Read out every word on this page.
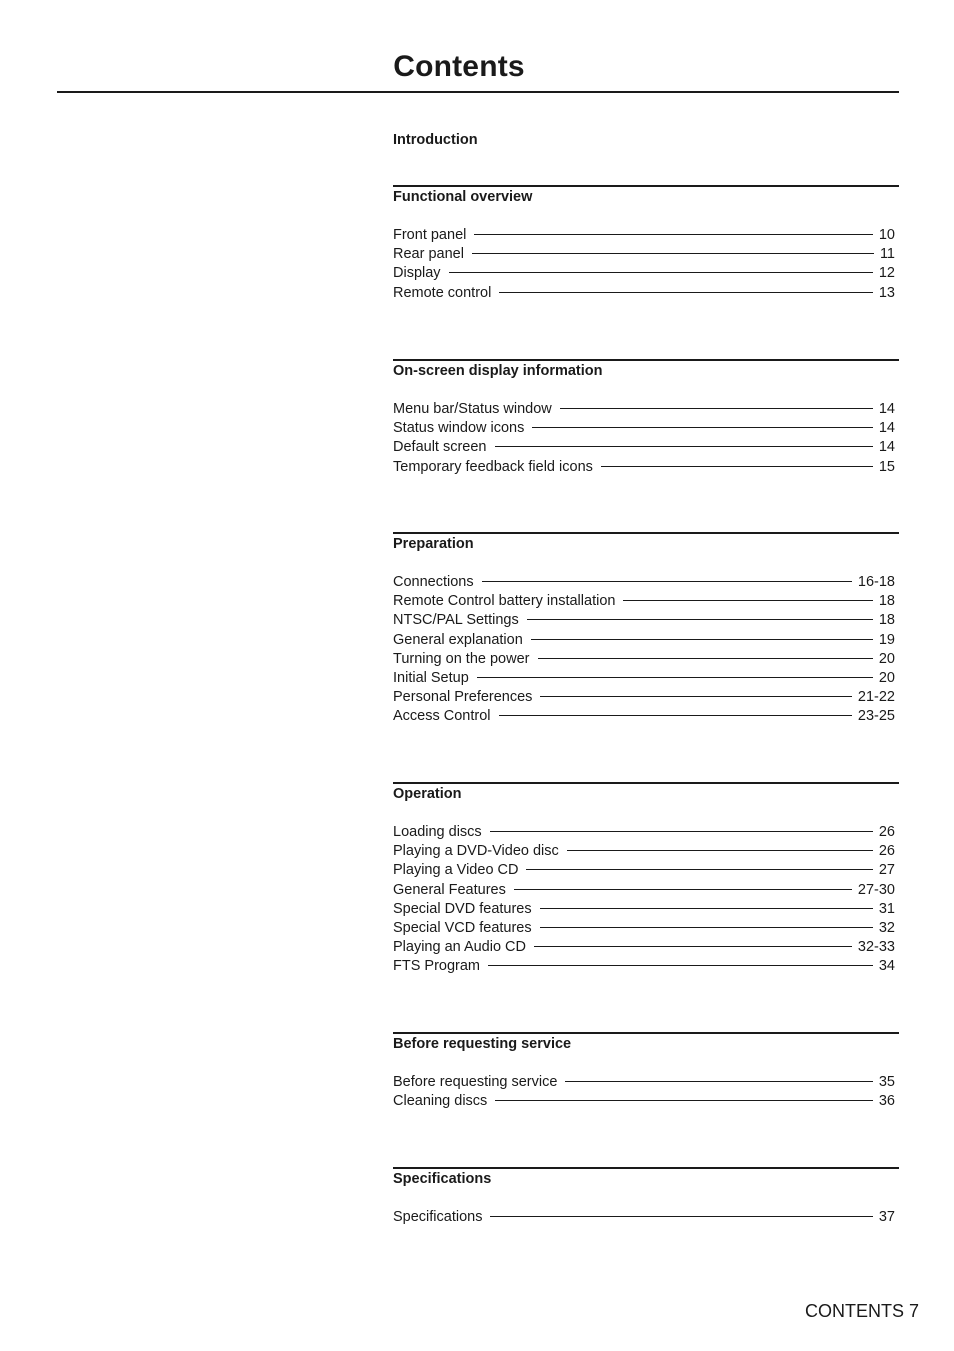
Contents
Introduction
Functional overview
Front panel	10
Rear panel	11
Display	12
Remote control	13
On-screen display information
Menu bar/Status window	14
Status window icons	14
Default screen	14
Temporary feedback field icons	15
Preparation
Connections	16-18
Remote Control battery installation	18
NTSC/PAL Settings	18
General explanation	19
Turning on the power	20
Initial Setup	20
Personal Preferences	21-22
Access Control	23-25
Operation
Loading discs	26
Playing a DVD-Video disc	26
Playing a Video CD	27
General Features	27-30
Special DVD features	31
Special VCD features	32
Playing an Audio CD	32-33
FTS Program	34
Before requesting service
Before requesting service	35
Cleaning discs	36
Specifications
Specifications	37
CONTENTS 7
